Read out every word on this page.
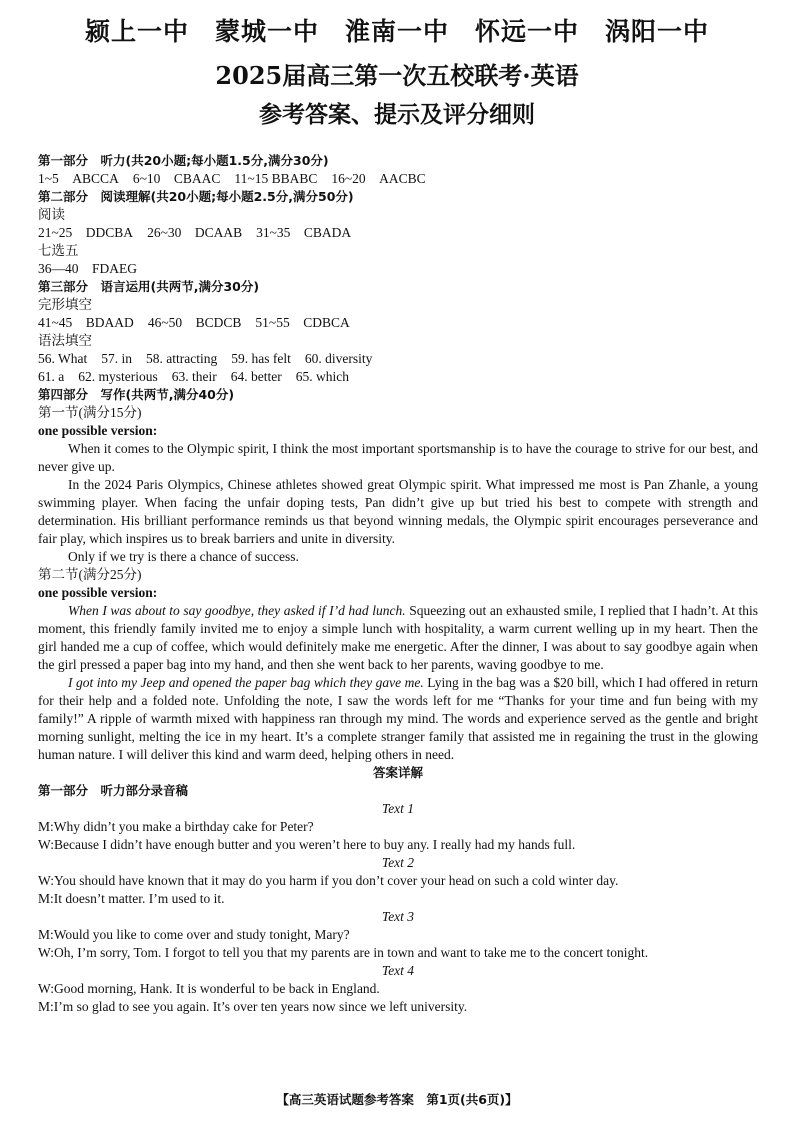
颍上一中 蒙城一中 淮南一中 怀远一中 涡阳一中
2025届高三第一次五校联考·英语
参考答案、提示及评分细则
第一部分　听力(共20小题;每小题1.5分,满分30分)
1~5　ABCCA 6~10　CBAAC 11~15 BBABC 16~20　AACBC
第二部分　阅读理解(共20小题;每小题2.5分,满分50分)
阅读
21~25　DDCBA 26~30　DCAAB 31~35　CBADA
七选五
36—40　FDAEG
第三部分　语言运用(共两节,满分30分)
完形填空
41~45　BDAAD 46~50　BCDCB 51~55　CDBCA
语法填空
56. What 57. in 58. attracting 59. has felt 60. diversity
61. a 62. mysterious 63. their 64. better 65. which
第四部分　写作(共两节,满分40分)
第一节(满分15分)
one possible version:

When it comes to the Olympic spirit, I think the most important sportsmanship is to have the courage to strive for our best, and never give up.

In the 2024 Paris Olympics, Chinese athletes showed great Olympic spirit. What impressed me most is Pan Zhanle, a young swimming player. When facing the unfair doping tests, Pan didn’t give up but tried his best to compete with strength and determination. His brilliant performance reminds us that beyond winning medals, the Olympic spirit encourages perseverance and fair play, which inspires us to break barriers and unite in diversity.

Only if we try is there a chance of success.

第二节(满分25分)
one possible version:

When I was about to say goodbye, they asked if I’d had lunch. Squeezing out an exhausted smile, I replied that I hadn’t. At this moment, this friendly family invited me to enjoy a simple lunch with hospitality, a warm current welling up in my heart. Then the girl handed me a cup of coffee, which would definitely make me energetic. After the dinner, I was about to say goodbye again when the girl pressed a paper bag into my hand, and then she went back to her parents, waving goodbye to me.

I got into my Jeep and opened the paper bag which they gave me. Lying in the bag was a $20 bill, which I had offered in return for their help and a folded note. Unfolding the note, I saw the words left for me “Thanks for your time and fun being with my family!” A ripple of warmth mixed with happiness ran through my mind. The words and experience served as the gentle and bright morning sunlight, melting the ice in my heart. It’s a complete stranger family that assisted me in regaining the trust in the glowing human nature. I will deliver this kind and warm deed, helping others in need.

答案详解
第一部分　听力部分录音稿
Text 1

M:Why didn’t you make a birthday cake for Peter?

W:Because I didn’t have enough butter and you weren’t here to buy any. I really had my hands full.

Text 2

W:You should have known that it may do you harm if you don’t cover your head on such a cold winter day.

M:It doesn’t matter. I’m used to it.

Text 3

M:Would you like to come over and study tonight, Mary?

W:Oh, I’m sorry, Tom. I forgot to tell you that my parents are in town and want to take me to the concert tonight.

Text 4

W:Good morning, Hank. It is wonderful to be back in England.

M:I’m so glad to see you again. It’s over ten years now since we left university.

【高三英语试题参考答案　第1页(共6页)】
